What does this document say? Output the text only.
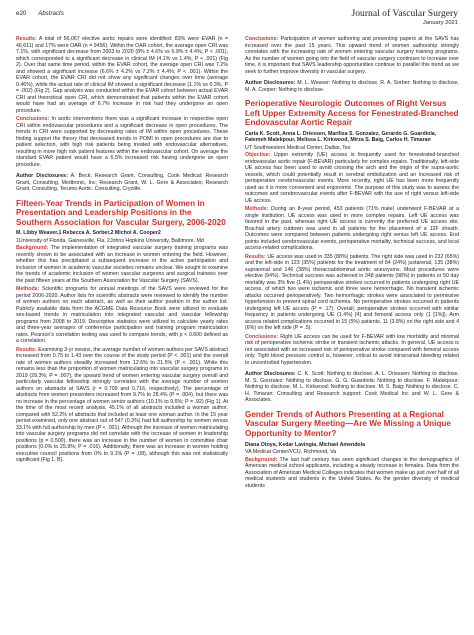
e20 Abstracts	Journal of Vascular Surgery
January 2021

Results: A total of 56,067 elective aortic repairs were identified: 83% were EVAR (n = 46,611) and 17% were OAR (n = 9456). Within the OAR cohort, the average open CRI was 7.1%, with significant decrease from 2003 to 2020 (8% ± 4.6% vs 6.9% ± 4.4%; P < .001), which corresponded to a significant decrease in clinical IM (4.1% vs 1.4%; P < .001) (Fig 2). Over that same time period, within the EVAR cohort, the average open CRI was 7.2% and showed a significant increase (6.6% ± 4.2% vs 7.2% ± 4.4%; P < .001). Within the EVAR cohort, the EVAR CRI did not show any significant changes over time (average 0.46%), while the actual rate of clinical IM showed a significant decrease (1.1% vs 0.3%; P = .002) (Fig 2). Gap analysis was conducted within the EVAR cohort between actual EVAR CRI and theoretical open CRI, which demonstrated that patients within the EVAR cohort would have had an average of 6.7% increase in risk had they undergone an open procedure.

Conclusions: In aortic interventions there was a significant increase in respective open CRI within endovascular procedures and a significant decrease in open procedures. The trends in CRI were supported by decreasing rates of IM within open procedures. These finding support the theory that decreased trends in POMI in open procedures are due to patient selection, with high risk patients being treated with endovascular alternatives, resulting in more high risk patient features within the endovascular cohort. On average the standard EVAR patient would have a 6.5% increased risk having undergone an open procedure.

Author Disclosures: A. Beck: Research Grant, Consulting, Cook Medical; Research Grant, Consulting, Medtronic, Inc; Research Grant, W. L. Gore & Associates; Research Grant, Consulting, Terumo Aortic. Consulting, Cryolife.

Fifteen-Year Trends in Participation of Women in Presentation and Leadership Positions in the Southern Association for Vascular Surgery, 2006-2020
M. Libby Weaver,1 Rebecca A. Sorber,2 Michol A. Cooper2
1University of Florida, Gainesville, Fla. 2Johns Hopkins University, Baltimore, Md

Background: The implementation of integrated vascular surgery training programs was recently shown to be associated with an increase in women entering the field. However, whether this has precipitated a subsequent increase in the active participation and inclusion of women in academic vascular societies remains unclear. We sought to examine the trends of academic inclusion of women vascular surgeons and surgical trainees over the past fifteen years at the Southern Association for Vascular Surgery (SAVS).

Methods: Scientific programs for annual meetings of the SAVS were reviewed for the period 2006-2020. Author lists for scientific abstracts were reviewed to identify the number of women authors on each abstract, as well as their author position in the author list. Publicly available data from the ACGME Data Resource Book were utilized to evaluate sex-based trends in matriculation into integrated vascular and vascular fellowship programs from 2008 to 2019. Descriptive statistics were utilized to calculate yearly rates and three-year averages of conference participation and training program matriculation rates. Pearson's correlation testing was used to compare trends, with p < 0.600 defined as a correlation.

Results: Examining 3-yr means, the average number of women authors per SAVS abstract increased from 0.75 to 1.43 over the course of the study period (P < .001) and the overall rate of women authors steadily increased from 12.6% to 21.5% (P < .001). While this remains less than the proportion of women matriculating into vascular surgery programs in 2019 (29.3%; P = .007), the upward trend of women entering vascular surgery overall and particularly vascular fellowship strongly correlates with the average number of women authors on abstracts at SAVS (r = 0.709 and 0.716, respectively). The percentage of abstracts from women presenters increased from 9.7% to 28.4% (P = .004), but there was no increase in the percentage of women senior authors (10.1% to 9.6%; P = .92) (Fig 1). At the time of the most recent analysis, 45.1% of all abstracts included a woman author, compared with 52.2% of abstracts that included at least one woman author. In the 15 year period examined, only one abstract out of 547 (0.3%) had full authorship by women versus 33.1% with full authorship by men (P < .001). Although the increase of women matriculating into vascular surgery programs did not correlate with the increase of women in leadership positions (p = 0.500), there was an increase in the number of women in committee chair positions (0.0% to 25.9%; P = .016). Additionally, there was an increase in women holding executive council positions from 0% to 9.1% (P = .08), although this was not statistically significant (Fig 1, B).

Conclusions: Participation of women authoring and presenting papers at the SAVS has increased over the past 15 years. This upward trend of women authorship strongly correlates with the increasing rate of women entering vascular surgery training programs. As the number of women going into the field of vascular surgery continues to increase over time, it is important that SAVS leadership opportunities continue to parallel this trend as we seek to further improve diversity in vascular surgery.

Author Disclosures: M. L. Weaver: Nothing to disclose. R. A. Sorber: Nothing to disclose. M. A. Cooper: Nothing to disclose.

Perioperative Neurologic Outcomes of Right Versus Left Upper Extremity Access for Fenestrated-Branched Endovascular Aortic Repair
Carla K. Scott, Anna L. Driessen, Marilisa S. Gonzalez, Gerardo G. Guardiola, Fatemeh Malekpour, Melissa L. Kirkwood, Mirza S. Baig, Carlos H. Timaran
UT Southwestern Medical Center, Dallas, Tex

Objective: Upper extremity (UE) access is frequently used for fenestrated-branched endovascular aortic repair (F-BEVAR) particularly for complex repairs. Traditionally, left-side UE access has been used to avoid crossing the arch and the origin of the supra-aortic vessels, which could potentially result in cerebral embolization and an increased risk of perioperative cerebrovascular events. More recently, right UE has been more frequently used as it is more convenient and ergonomic. The purpose of this study was to assess the outcomes and cerebrovascular events after F-BEVAR with the use of right versus left-side UE access.

Methods: During an 8-year period, 453 patients (71% male) underwent F-BEVAR at a single institution. UE access was used in more complex repairs. Left UE access was favored in the past, whereas right UE access is currently the preferred UE access site. Brachial artery cutdown was used in all patients for the placement of a 12F sheath. Outcomes were compared between patients undergoing right versus left UE access. End points included cerebrovascular events, perioperative mortality, technical success, and local access-related complications.

Results: UE access was used in 335 (88%) patients. The right side was used in 232 (65%) and the left-side in 123 (35%) patients for the treatment of 84 (24%) juxtarenal, 135 (38%) suprarenal and 146 (38%) thoracoabdominal aortic aneurysms. Most procedures were elective (94%). Technical success was achieved in 348 patients (98%) in patients or 50 day mortality was 3% five (1.4%) perioperative strokes occurred in patients undergoing right UE access, of which two were ischemic and three were hemorrhagic. No transient ischemic attacks occurred perioperatively. Two hemorrhagic strokes were associated to permissive hypertension to prevent spinal cord ischemia. No perioperative strokes occurred in patients undergoing left UE access (P = .17). Overall, perioperative strokes occurred with similar frequency in patients undergoing UE (1.4%) [4] and femoral access only (1 [1%]). Arm access related complications occurred in 15 (5%) patients, 11 (3.8%) on the right side and 4 (6%) on the left side (P = .5).

Conclusions: Right UE access can be used for F-BEVAR with low morbidity and minimal risk of perioperative ischemic stroke or transient ischemic attacks. In general, UE access is not associated with an increased risk of perioperative stroke compared with femoral access only. Tight blood pressure control is, however, critical to avoid intracranial bleeding related to uncontrolled hypertension.

Author Disclosures: C. K. Scott: Nothing to disclose. A. L. Driessen: Nothing to disclose. M. S. Gonzalez: Nothing to disclose. G. G. Guardiola: Nothing to disclose. F. Malekpour: Nothing to disclose. M. L. Kirkwood: Nothing to disclose. M. S. Baig: Nothing to disclose. C. H. Timaran: Consulting and Research support: Cook Medical Inc and W. L. Gore & Associates.

Gender Trends of Authors Presenting at a Regional Vascular Surgery Meeting—Are We Missing a Unique Opportunity to Mentor?
Diana Otoya, Kedar Lavingia, Michael Amendola
VA Medical Center/VCU, Richmond, Va

Background: The last half century has seen significant changes in the demographics of American medical school applicants, including a steady increase in females. Data from the Association of American Medical Colleges indicates that women make up just over half of all medical students and students in the United States. As the gender diversity of medical students
